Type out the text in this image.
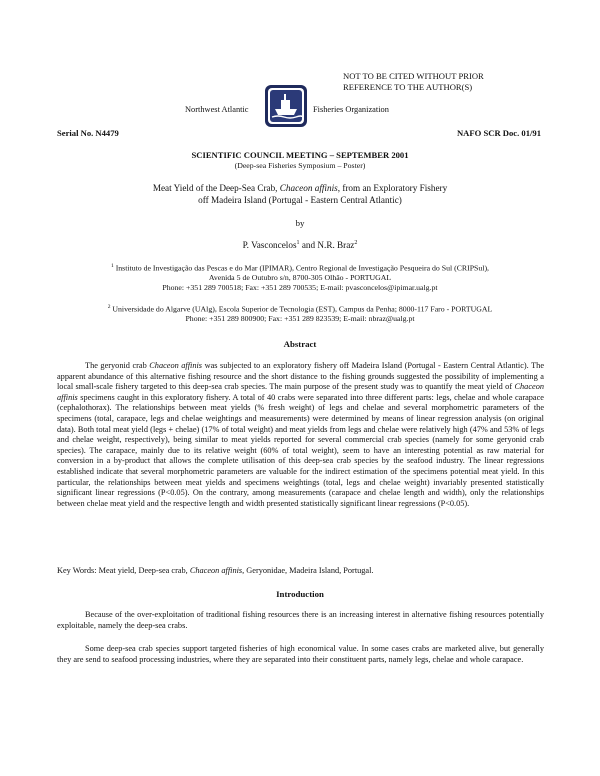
NOT TO BE CITED WITHOUT PRIOR
REFERENCE TO THE AUTHOR(S)
Northwest Atlantic	Fisheries Organization
Serial No. N4479	NAFO SCR Doc. 01/91
SCIENTIFIC COUNCIL MEETING – SEPTEMBER 2001
(Deep-sea Fisheries Symposium – Poster)
Meat Yield of the Deep-Sea Crab, Chaceon affinis, from an Exploratory Fishery
off Madeira Island (Portugal - Eastern Central Atlantic)
by
P. Vasconcelos$^1$ and N.R. Braz$^2$
$^1$ Instituto de Investigação das Pescas e do Mar (IPIMAR), Centro Regional de Investigação Pesqueira do Sul (CRIPSul),
Avenida 5 de Outubro s/n, 8700-305 Olhão - PORTUGAL
Phone: +351 289 700518; Fax: +351 289 700535; E-mail: pvasconcelos@ipimar.ualg.pt
$^2$ Universidade do Algarve (UAlg), Escola Superior de Tecnologia (EST), Campus da Penha; 8000-117 Faro - PORTUGAL
Phone: +351 289 800900; Fax: +351 289 823539; E-mail: nbraz@ualg.pt
Abstract
The geryonid crab Chaceon affinis was subjected to an exploratory fishery off Madeira Island (Portugal - Eastern Central Atlantic). The apparent abundance of this alternative fishing resource and the short distance to the fishing grounds suggested the possibility of implementing a local small-scale fishery targeted to this deep-sea crab species. The main purpose of the present study was to quantify the meat yield of Chaceon affinis specimens caught in this exploratory fishery. A total of 40 crabs were separated into three different parts: legs, chelae and whole carapace (cephalothorax). The relationships between meat yields (% fresh weight) of legs and chelae and several morphometric parameters of the specimens (total, carapace, legs and chelae weightings and measurements) were determined by means of linear regression analysis (on original data). Both total meat yield (legs + chelae) (17% of total weight) and meat yields from legs and chelae were relatively high (47% and 53% of legs and chelae weight, respectively), being similar to meat yields reported for several commercial crab species (namely for some geryonid crab species). The carapace, mainly due to its relative weight (60% of total weight), seem to have an interesting potential as raw material for conversion in a by-product that allows the complete utilisation of this deep-sea crab species by the seafood industry. The linear regressions established indicate that several morphometric parameters are valuable for the indirect estimation of the specimens potential meat yield. In this particular, the relationships between meat yields and specimens weightings (total, legs and chelae weight) invariably presented statistically significant linear regressions (P<0.05). On the contrary, among measurements (carapace and chelae length and width), only the relationships between chelae meat yield and the respective length and width presented statistically significant linear regressions (P<0.05).
Key Words: Meat yield, Deep-sea crab, Chaceon affinis, Geryonidae, Madeira Island, Portugal.
Introduction
Because of the over-exploitation of traditional fishing resources there is an increasing interest in alternative fishing resources potentially exploitable, namely the deep-sea crabs.
Some deep-sea crab species support targeted fisheries of high economical value. In some cases crabs are marketed alive, but generally they are send to seafood processing industries, where they are separated into their constituent parts, namely legs, chelae and whole carapace.
